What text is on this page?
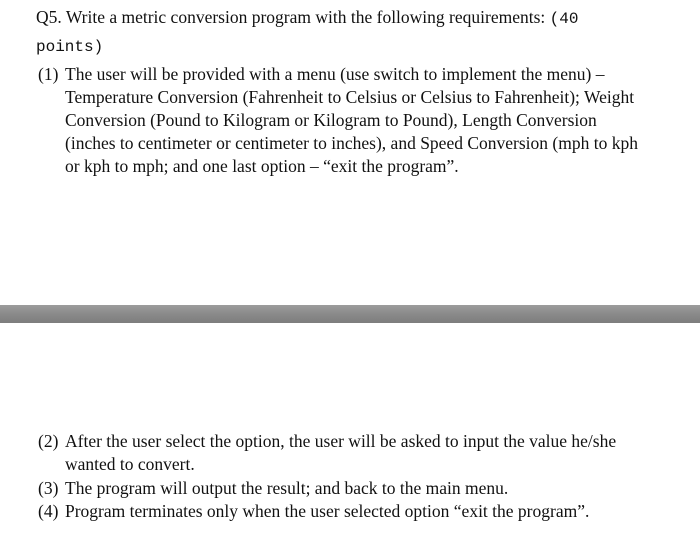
Q5. Write a metric conversion program with the following requirements: (40
points)
(1) The user will be provided with a menu (use switch to implement the menu) – Temperature Conversion (Fahrenheit to Celsius or Celsius to Fahrenheit); Weight Conversion (Pound to Kilogram or Kilogram to Pound), Length Conversion (inches to centimeter or centimeter to inches), and Speed Conversion (mph to kph or kph to mph; and one last option – “exit the program”.
(2) After the user select the option, the user will be asked to input the value he/she wanted to convert.
(3) The program will output the result; and back to the main menu.
(4) Program terminates only when the user selected option “exit the program”.
